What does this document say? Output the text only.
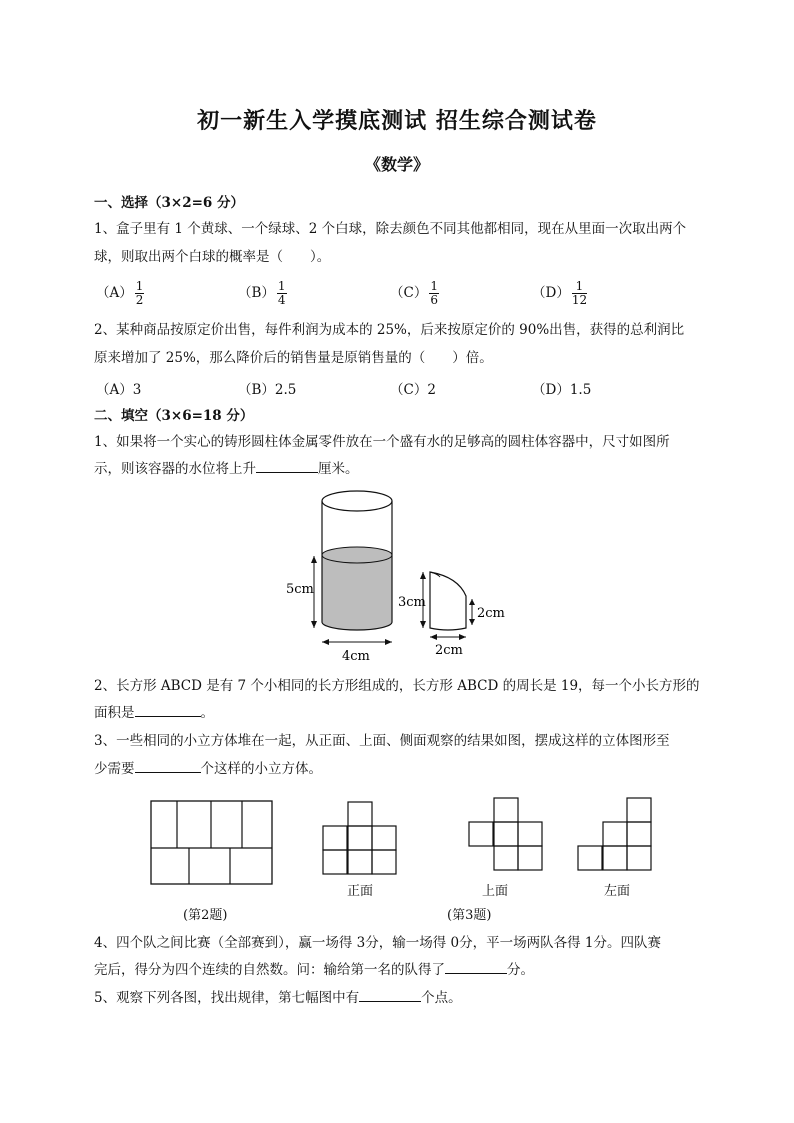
初一新生入学摸底测试 招生综合测试卷
《数学》
一、选择（3×2=6 分）
1、盒子里有 1 个黄球、一个绿球、2 个白球，除去颜色不同其他都相同，现在从里面一次取出两个
球，则取出两个白球的概率是（　　）。
$(A) \frac{1}{2}$	$(B) \frac{1}{4}$	$(C) \frac{1}{6}$	$(D) \frac{1}{12}$
2、某种商品按原定价出售，每件利润为成本的 25%，后来按原定价的 90%出售，获得的总利润比
原来增加了 25%，那么降价后的销售量是原销售量的（　　）倍。
（A）3	（B）2.5	（C）2	（D）1.5
二、填空（3×6=18 分）
1、如果将一个实心的铸形圆柱体金属零件放在一个盛有水的足够高的圆柱体容器中，尺寸如图所
示，则该容器的水位将上升	厘米。
5cm
4cm
3cm
2cm
2cm
2、长方形 ABCD 是有 7 个小相同的长方形组成的，长方形 ABCD 的周长是 19，每一个小长方形的
面积是	。
3、一些相同的小立方体堆在一起，从正面、上面、侧面观察的结果如图，摆成这样的立体图形至
少需要	个这样的小立方体。
(第2题)
正面	上面
(第3题)
左面
4、四个队之间比赛（全部赛到），赢一场得 3分，输一场得 0分，平一场两队各得 1分。四队赛
完后，得分为四个连续的自然数。问：输给第一名的队得了	分。
5、观察下列各图，找出规律，第七幅图中有	个点。
